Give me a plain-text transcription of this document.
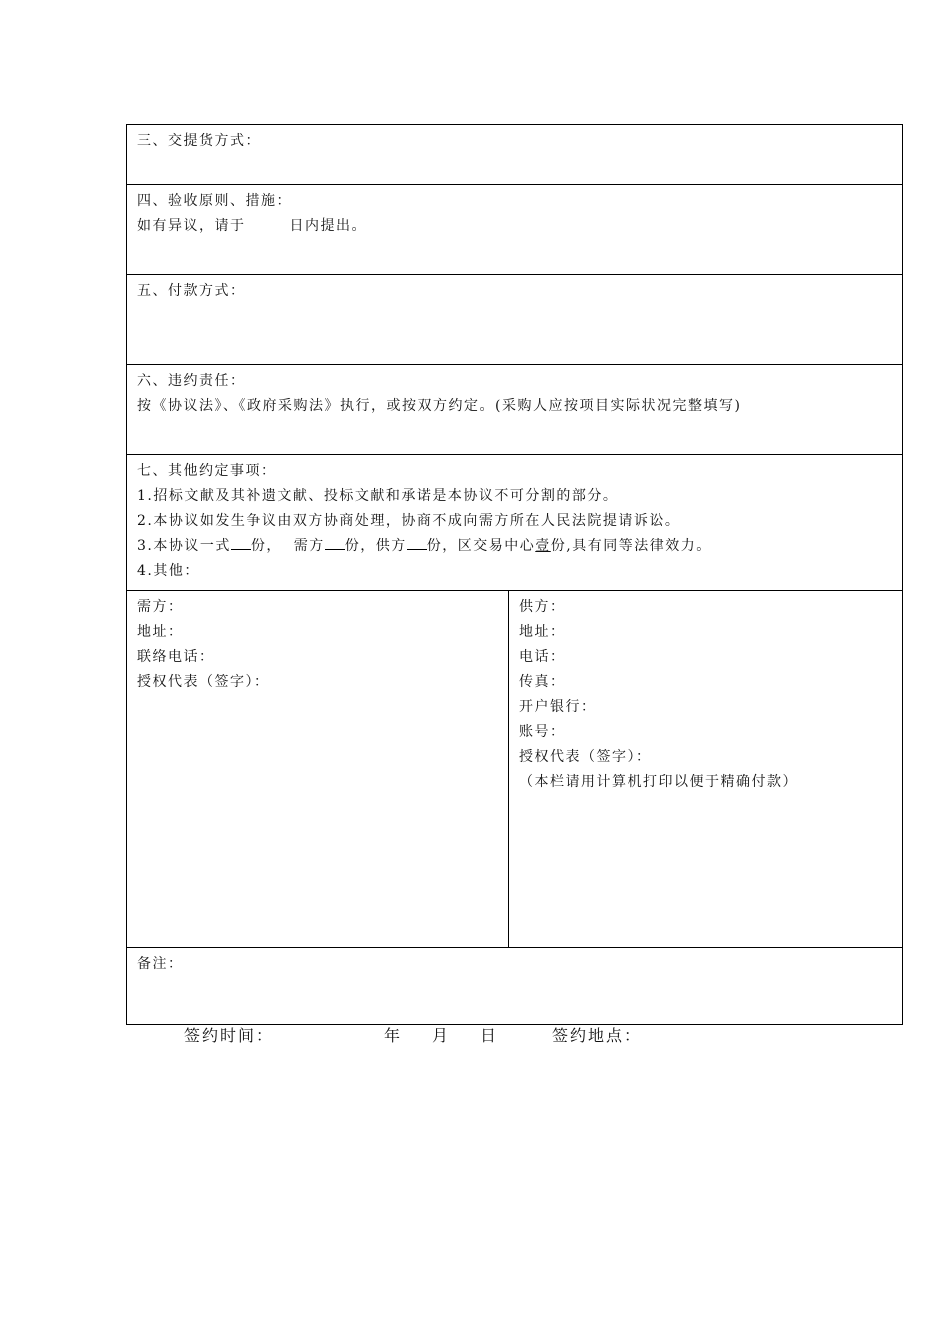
三、交提货方式：
四、验收原则、措施：
如有异议，请于	日内提出。
五、付款方式：
六、违约责任：
按《协议法》、《政府采购法》执行，或按双方约定。(采购人应按项目实际状况完整填写)
七、其他约定事项：
1.招标文献及其补遗文献、投标文献和承诺是本协议不可分割的部分。
2.本协议如发生争议由双方协商处理，协商不成向需方所在人民法院提请诉讼。
3.本协议一式 份， 需方 份，供方 份，区交易中心壹份,具有同等法律效力。
4.其他：
需方：
地址：
联络电话：
授权代表（签字）：
供方：
地址：
电话：
传真：
开户银行：
账号：
授权代表（签字）：
（本栏请用计算机打印以便于精确付款）
备注：
签约时间：	年 月 日	签约地点：
